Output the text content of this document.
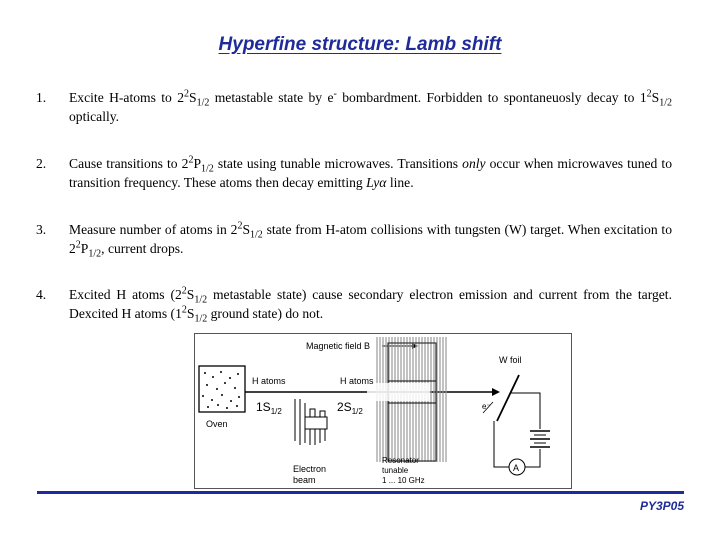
Hyperfine structure: Lamb shift
1.	Excite H-atoms to $2^2S_{1/2}$ metastable state by e- bombardment. Forbidden to spontaneuosly decay to $1^2S_{1/2}$ optically.
2.	Cause transitions to $2^2P_{1/2}$ state using tunable microwaves. Transitions only occur when microwaves tuned to transition frequency. These atoms then decay emitting Lyα line.
3.	Measure number of atoms in $2^2S_{1/2}$ state from H-atom collisions with tungsten (W) target. When excitation to $2^2P_{1/2}$, current drops.
4.	Excited H atoms ($2^2S_{1/2}$ metastable state) cause secondary electron emission and current from the target. Dexcited H atoms ($1^2S_{1/2}$ ground state) do not.
Oven
H atoms
$1S_{1/2}$
Electron
beam
Magnetic field B
H atoms
$2S_{1/2}$
Resonator
tunable
1 ... 10 GHz
W foil
e⁻
A
PY3P05
